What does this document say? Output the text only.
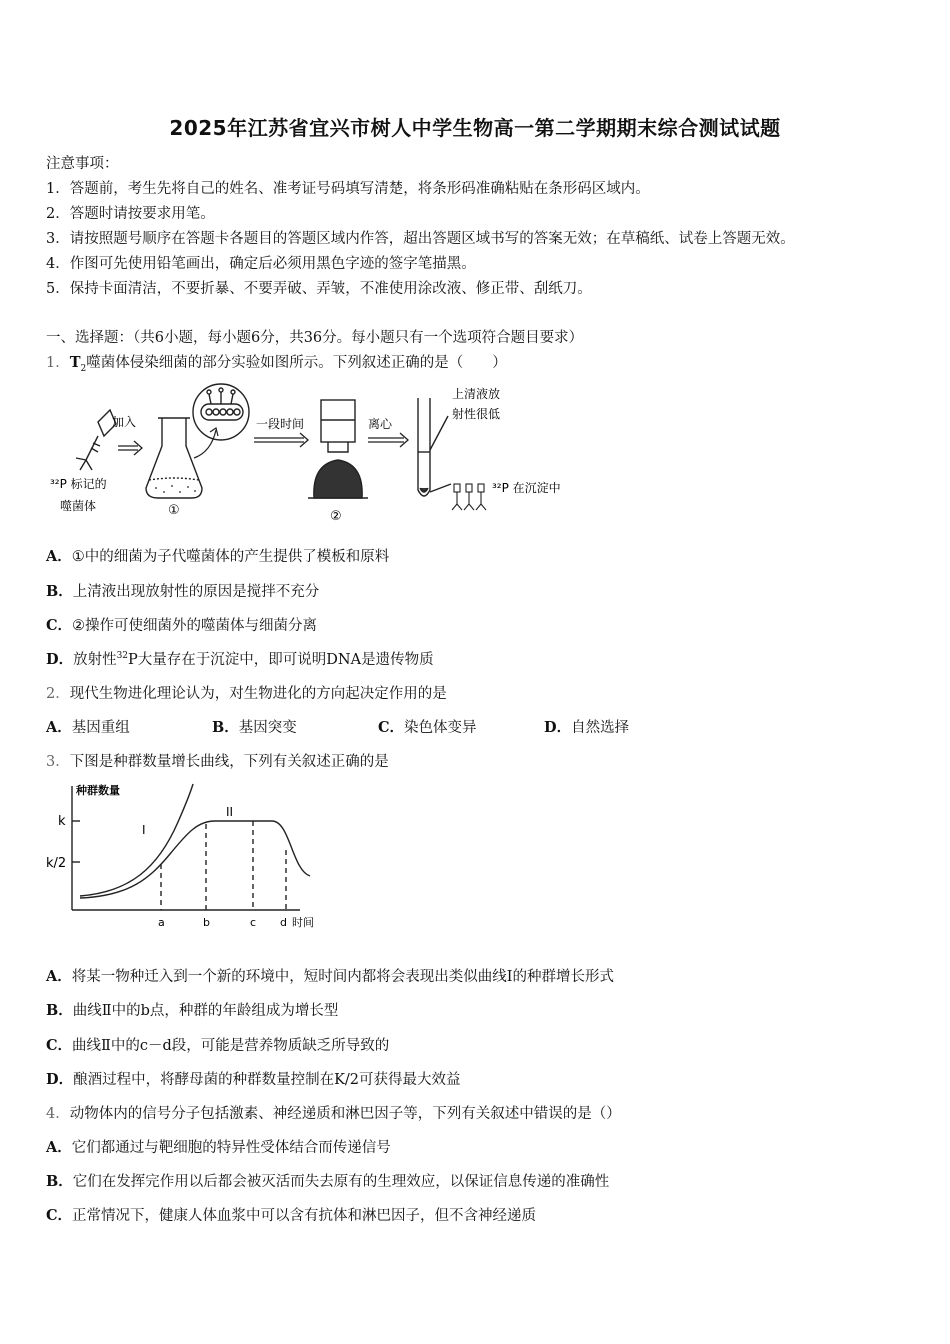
2025年江苏省宜兴市树人中学生物高一第二学期期末综合测试试题
注意事项：
1．答题前，考生先将自己的姓名、准考证号码填写清楚，将条形码准确粘贴在条形码区域内。
2．答题时请按要求用笔。
3．请按照题号顺序在答题卡各题目的答题区域内作答，超出答题区域书写的答案无效；在草稿纸、试卷上答题无效。
4．作图可先使用铅笔画出，确定后必须用黑色字迹的签字笔描黑。
5．保持卡面清洁，不要折暴、不要弄破、弄皱，不准使用涂改液、修正带、刮纸刀。
一、选择题：（共6小题，每小题6分，共36分。每小题只有一个选项符合题目要求）
1．$T_2$噬菌体侵染细菌的部分实验如图所示。下列叙述正确的是（　　）
加入
³²P 标记的
噬菌体	①
一段时间
②
离心
上清液放
射性很低
³²P 在沉淀中
A．①中的细菌为子代噬菌体的产生提供了模板和原料
B．上清液出现放射性的原因是搅拌不充分
C．②操作可使细菌外的噬菌体与细菌分离
D．放射性$^{32}$P大量存在于沉淀中，即可说明DNA是遗传物质
2．现代生物进化理论认为，对生物进化的方向起决定作用的是
A．基因重组	B．基因突变	C．染色体变异	D．自然选择
3．下图是种群数量增长曲线，下列有关叙述正确的是
种群数量
k
k/2
I
II
a	b	c d 时间
A．将某一物种迁入到一个新的环境中，短时间内都将会表现出类似曲线Ⅰ的种群增长形式
B．曲线Ⅱ中的b点，种群的年龄组成为增长型
C．曲线Ⅱ中的c－d段，可能是营养物质缺乏所导致的
D．酿酒过程中，将酵母菌的种群数量控制在K/2可获得最大效益
4．动物体内的信号分子包括激素、神经递质和淋巴因子等，下列有关叙述中错误的是（）
A．它们都通过与靶细胞的特异性受体结合而传递信号
B．它们在发挥完作用以后都会被灭活而失去原有的生理效应，以保证信息传递的准确性
C．正常情况下，健康人体血浆中可以含有抗体和淋巴因子，但不含神经递质
